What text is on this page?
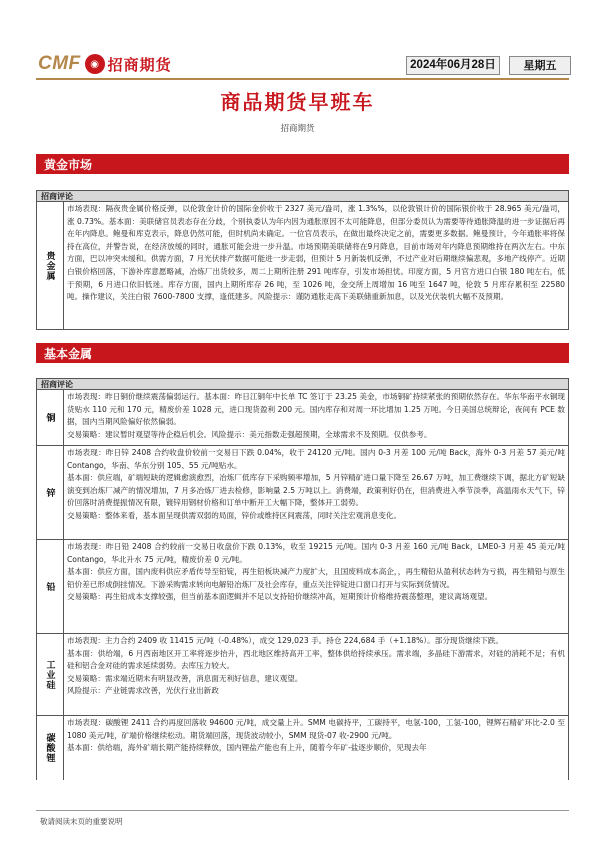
CMF ◉ 招商期货	2024年06月28日	星期五
商品期货早班车
招商期货
黄金市场
招商评论
贵金属

市场表现：隔夜贵金属价格反弹，以伦敦金计价的国际金价收于 2327 美元/盎司，涨 1.3%%，以伦敦银计价的国际银价收于 28.965 美元/盎司，涨 0.73%。基本面：美联储官员表态存在分歧，个别执委认为年内因为通胀原因不太可能降息，但部分委员认为需要等待通胀降温的进一步证据后再在年内降息。鲍曼和库克表示，降息仍然可能，但时机尚未确定。一位官员表示，在做出最终决定之前，需要更多数据。鲍曼预计，今年通胀率将保持在高位，并警告说，在经济放缓的同时，通胀可能会进一步升温。市场预期美联储将在9月降息，目前市场对年内降息预期维持在两次左右。中东方面，巴以冲突未缓和。供需方面，7 月光伏排产数据可能进一步走弱，但预计 5 月新装机反弹，不过产业对后期继续偏悲观，多地产线停产。近期白银价格回落，下游补库意愿略减，冶炼厂出货较多，周二上期所注册 291 吨库存，引发市场担忧。印度方面，5 月官方进口白银 180 吨左右，低于预期，6 月进口依旧低迷。库存方面，国内上期所库存 26 吨，至 1026 吨，金交所上周增加 16 吨至 1647 吨，伦敦 5 月库存累积至 22580 吨。操作建议，关注白银 7600-7800 支撑，逢低建多。风险提示：谨防通胀走高下美联储重新加息，以及光伏装机大幅不及预期。

基本金属
招商评论
铜

市场表现：昨日铜价继续震荡偏弱运行。基本面：昨日江铜年中长单 TC 签订于 23.25 美金，市场铜矿持续紧张的预期依然存在。华东华南平水铜现货贴水 110 元和 170 元，精废价差 1028 元，进口现货盈利 200 元。国内库存和对周一环比增加 1.25 万吨。今日美国总统辩论，夜间有 PCE 数据，国内当期风险偏好依然偏弱。

交易策略：建议暂时观望等待企稳后机会。风险提示：美元指数走强超预期，全球需求不及预期。仅供参考。

锌

市场表现：昨日锌 2408 合约收盘价较前一交易日下跌 0.04%，收于 24120 元/吨。国内 0-3 月差 100 元/吨 Back，海外 0-3 月差 57 美元/吨 Contango，华南、华东分别 105、55 元/吨贴水。

基本面：供应端，矿端短缺的逻辑愈演愈烈，冶炼厂低库存下采购频率增加，5 月锌精矿进口量下降至 26.67 万吨，加工费继续下调，据北方矿短缺演变到冶炼厂减产的情况增加，7 月多冶炼厂进去检修，影响量 2.5 万吨以上。消费端，政策利好仍在，但消费进入季节淡季，高温雨水天气下，锌价回落时消费提振情况有限，镀锌用钢材价格和订单中断开工大幅下降，整体开工弱势。

交易策略：整体来看，基本面呈现供需双弱的局面，锌价或维持区间震荡，同时关注宏观消息变化。

铅

市场表现：昨日铅 2408 合约较前一交易日收盘价下跌 0.13%，收至 19215 元/吨。国内 0-3 月差 160 元/吨 Back，LME0-3 月差 45 美元/吨 Contango，华北升水 75 元/吨，精废价差 0 元/吨。

基本面：供应方面，国内废料供应矛盾传导至铅锭，再生铅板块减产力度扩大，且国废料成本高企，，再生精铅从盈利状态转为亏损，再生精铅与原生铅价差已形成倒挂情况。下游采购需求转向电解铅冶炼厂及社会库存，重点关注锌锭进口窗口打开与实际到货情况。

交易策略：再生铅成本支撑较强，但当前基本面逻辑并不足以支持铅价继续冲高，短期预计价格维持震荡整理，建议离场观望。

工业硅

市场表现：主力合约 2409 收 11415 元/吨（-0.48%），成交 129,023 手。持仓 224,684 手（+1.18%）。部分现货继续下跌。

基本面：供给端，6 月西南地区开工率将逐步抬升，西北地区维持高开工率，整体供给持续承压。需求端，多晶硅下游需求，对硅的消耗不足；有机硅和铝合金对硅的需求延续弱势。去库压力较大。

交易策略：需求端近期未有明显改善，消息面无利好信息，建议观望。

风险提示：产业链需求改善，光伏行业出新政

碳酸锂

市场表现：碳酸锂 2411 合约再度回落收 94600 元/吨，成交量上升。SMM 电碳持平，工碳持平，电氢-100，工氢-100，锂辉石精矿环比-2.0 至 1080 美元/吨，矿端价格继续松动。期货端回落，现货波动较小，SMM 现货-07 收-2900 元/吨。

基本面：供给端，海外矿端长期产能持续释放，国内锂盐产能也有上升，随着今年矿-盐逐步顺价，见现去年

敬请阅读末页的重要说明
